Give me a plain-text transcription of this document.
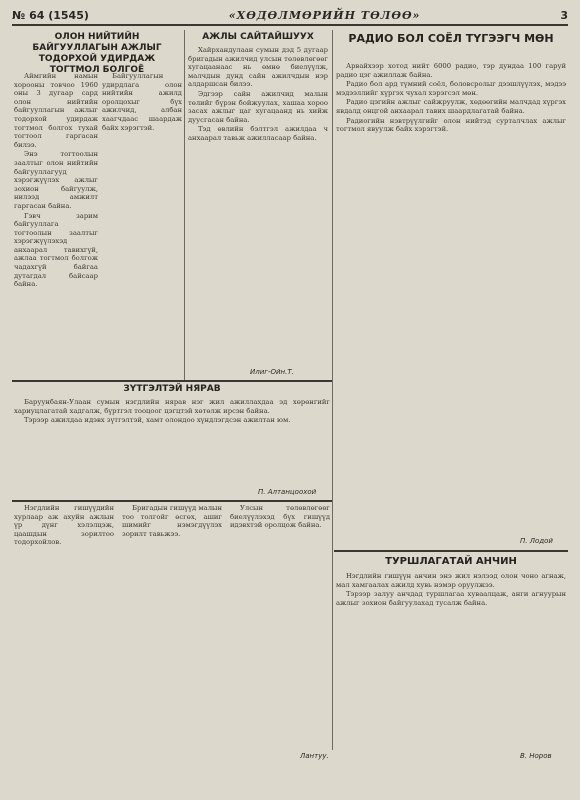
№ 64 (1545)	«ХӨДӨЛМӨРИЙН ТӨЛӨӨ»	3
ОЛОН НИЙТИЙН БАЙГУУЛЛАГЫН АЖЛЫГ ТОДОРХОЙ УДИРДАЖ ТОГТМОЛ БОЛГОЁ

Аймгийн намын хорооны товчоо 1960 оны 3 дугаар сард олон нийтийн байгууллагын ажлыг тодорхой удирдаж тогтмол болгох тухай тогтоол гаргасан билээ.

Энэ тогтоолын заалтыг олон нийтийн байгууллагууд хэрэгжүүлэх ажлыг зохион байгуулж, нилээд амжилт гаргасан байна.

Гэвч зарим байгууллага тогтоолын заалтыг хэрэгжүүлэхэд анхаарал тавихгүй, ажлаа тогтмол болгож чадахгүй байгаа дутагдал байсаар байна.

Байгууллагын удирдлага олон нийтийн ажилд оролцохыг бүх ажилчид, албан хаагчдаас шаардаж байх хэрэгтэй.

АЖЛЫ САЙТАЙШУУХ

Хайрхандулаан сумын дэд 5 дугаар бригадын ажилчид улсын төлөвлөгөөг хугацаанаас нь өмнө биелүүлж, малчдын дунд сайн ажилчдын нэр алдаршсан билээ.

Эдгээр сайн ажилчид малын төлийг бүрэн бойжуулах, хашаа хороо засах ажлыг цаг хугацаанд нь хийж дуусгасан байна.

Тэд өвлийн бэлтгэл ажилдаа ч анхаарал тавьж ажилласаар байна.

Илиг-Ойн.Т.
РАДИО БОЛ СОЁЛ ТҮГЭЭГЧ МӨН

Арвайхээр хотод нийт 6000 радио, тэр дундаа 100 гаруй радио цэг ажиллаж байна.

Радио бол ард түмний соёл, боловсролыг дээшлүүлэх, мэдээ мэдээллийг хүргэх чухал хэрэгсэл мөн.

Радио цэгийн ажлыг сайжруулж, хөдөөгийн малчдад хүргэх явдалд онцгой анхаарал тавих шаардлагатай байна.

Радиогийн нэвтрүүлгийг олон нийтэд сурталчлах ажлыг тогтмол явуулж байх хэрэгтэй.

П. Лодой
ЗҮТГЭЛТЭЙ НЯРАВ

Баруунбаян-Улаан сумын нэгдлийн нярав нэг жил ажиллахдаа эд хөрөнгийг хариуцлагатай хадгалж, бүртгэл тооцоог цэгцтэй хөтөлж ирсэн байна.

Тэрээр ажилдаа идэвх зүтгэлтэй, хамт олондоо хүндлэгдсэн ажилтан юм.

П. Алтанцоохой

Нэгдлийн гишүүдийн хурлаар аж ахуйн ажлын үр дүнг хэлэлцэж, цаашдын зорилтоо тодорхойлов.

Бригадын гишүүд малын тоо толгойг өсгөх, ашиг шимийг нэмэгдүүлэх зорилт тавьжээ.

Улсын төлөвлөгөөг биелүүлэхэд бүх гишүүд идэвхтэй оролцож байна.

Лантуу.
ТУРШЛАГАТАЙ АНЧИН

Нэгдлийн гишүүн анчин энэ жил нэлээд олон чоно агнаж, мал хамгаалах ажилд хувь нэмэр оруулжээ.

Тэрээр залуу анчдад туршлагаа хуваалцаж, анги агнуурын ажлыг зохион байгуулахад тусалж байна.

В. Норов
